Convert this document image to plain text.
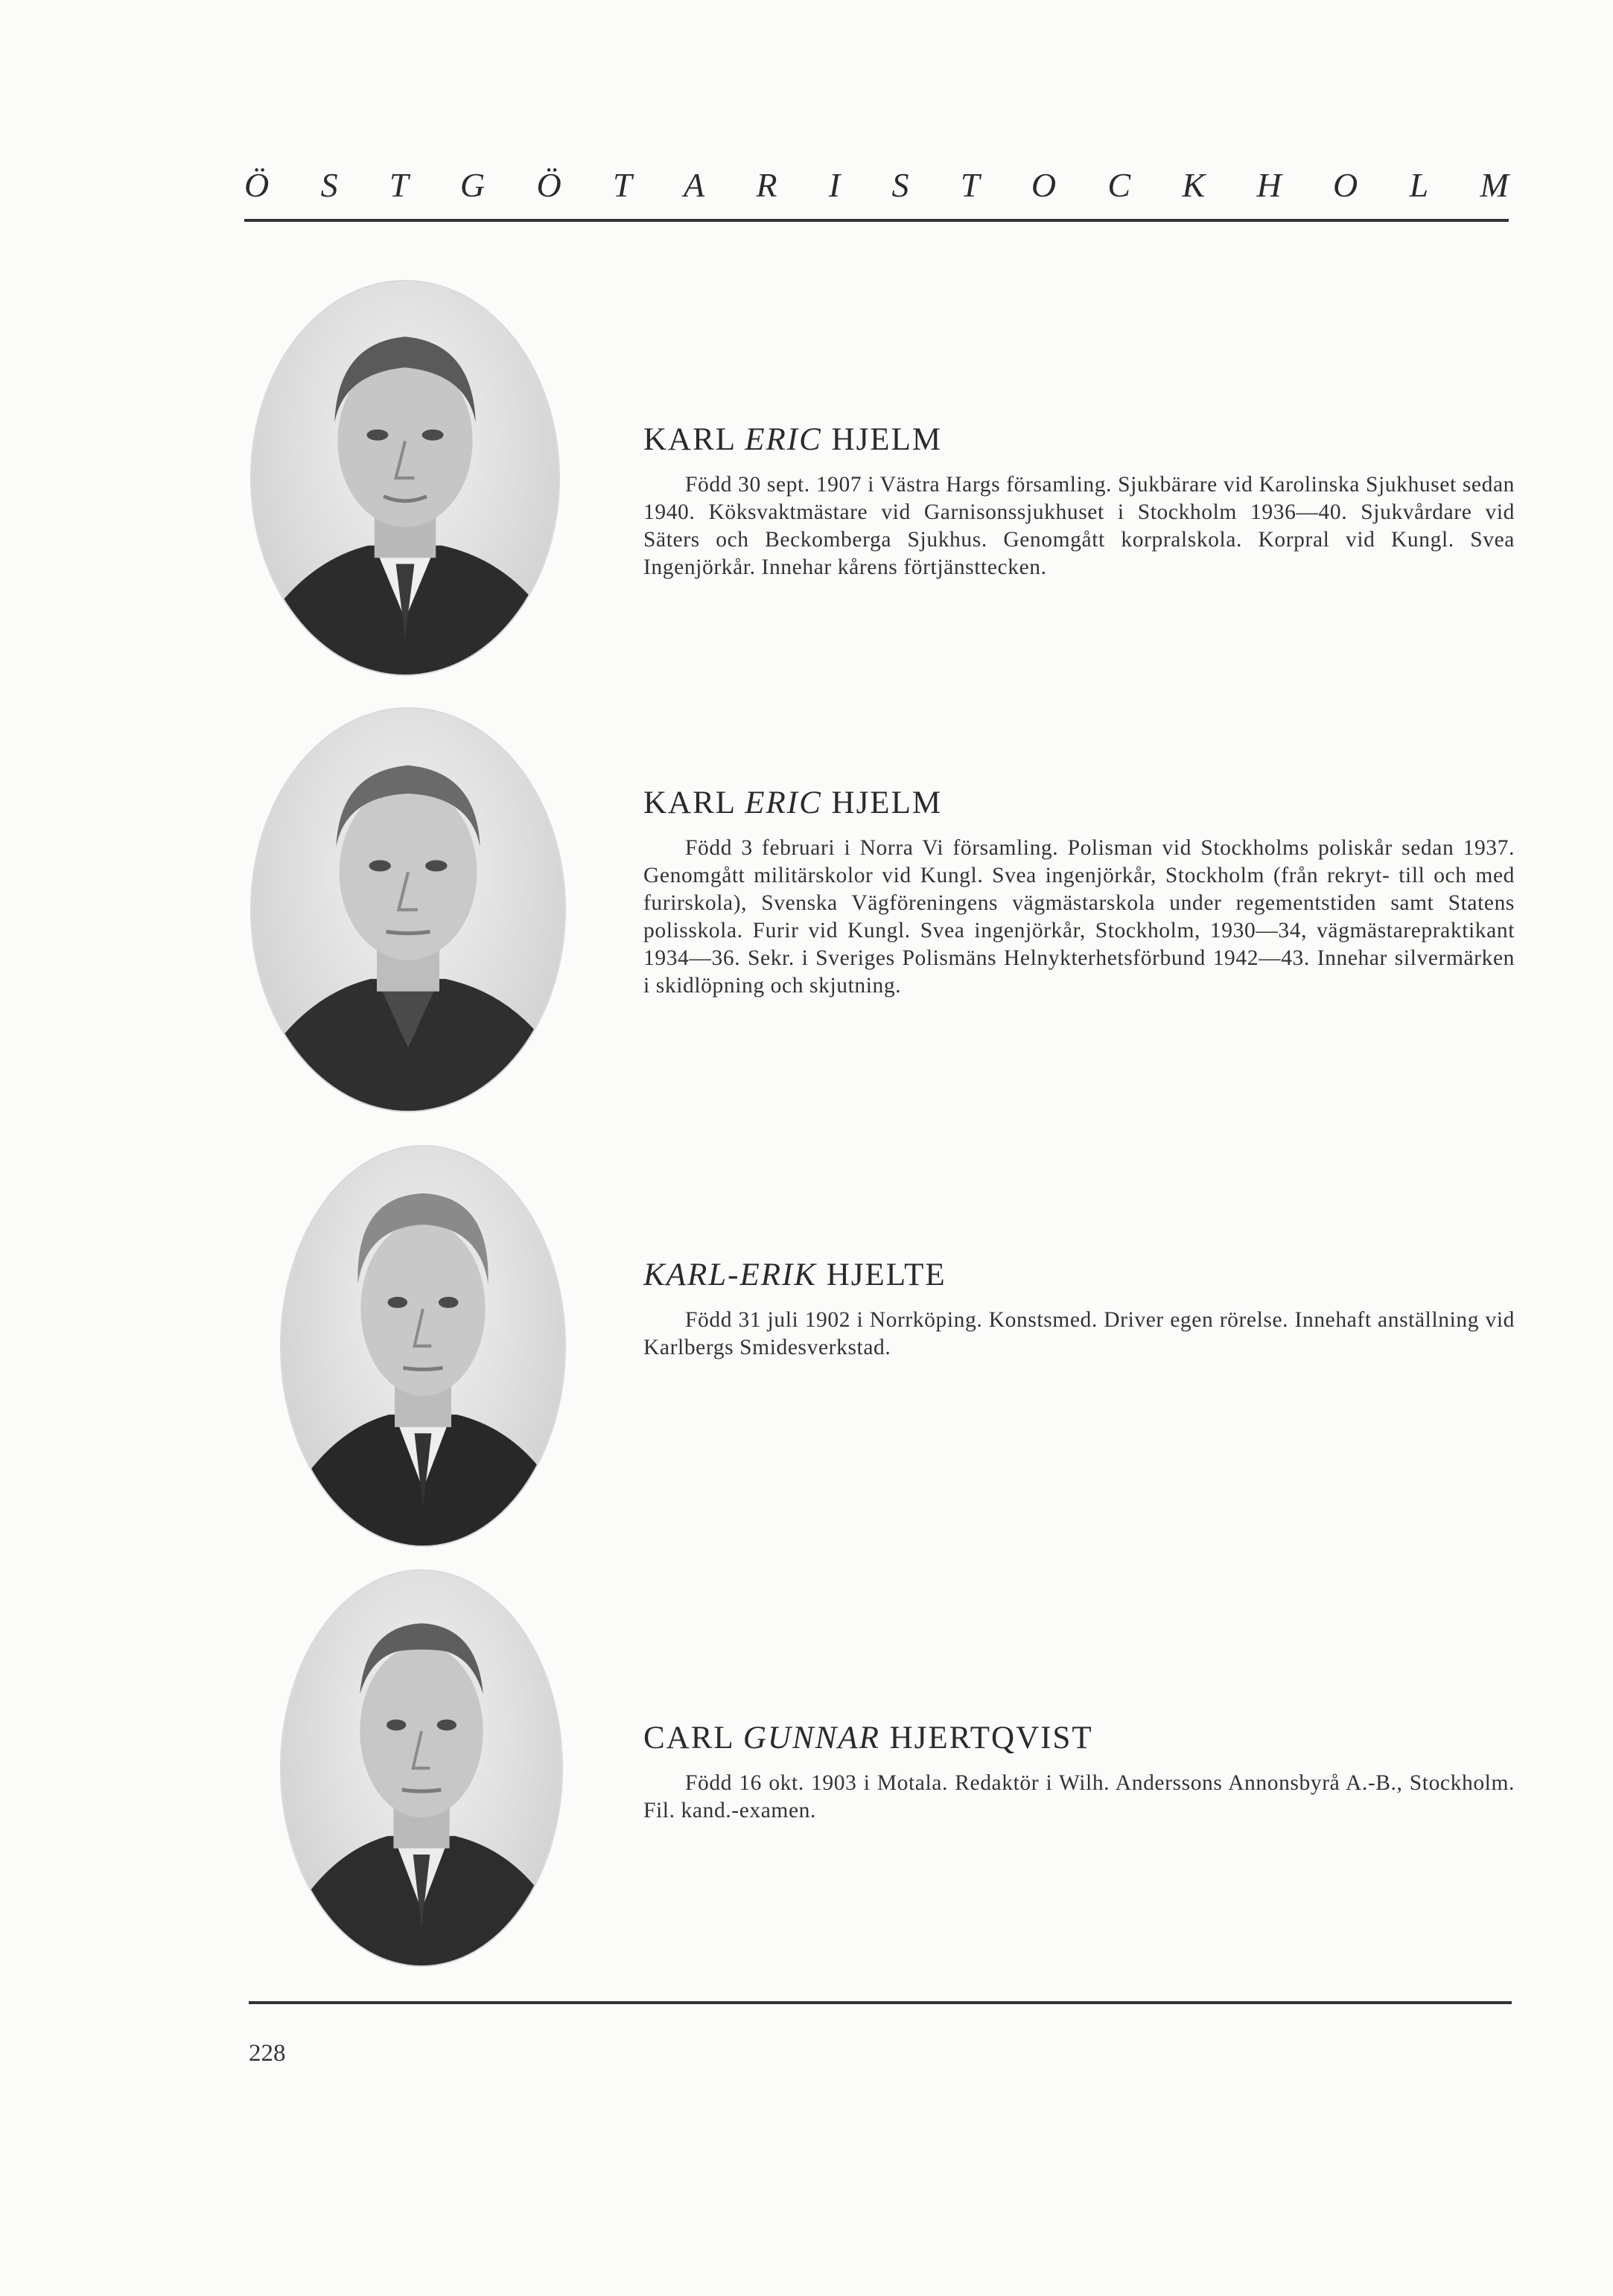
Ö S T G Ö T A R I S T O C K H O L M
KARL ERIC HJELM

Född 30 sept. 1907 i Västra Hargs församling. Sjukbärare vid Karolinska Sjukhuset sedan 1940. Köksvaktmästare vid Garnisonssjukhuset i Stockholm 1936—40. Sjukvårdare vid Säters och Beckomberga Sjukhus. Genomgått korpralskola. Korpral vid Kungl. Svea Ingenjörkår. Innehar kårens förtjänsttecken.

KARL ERIC HJELM

Född 3 februari i Norra Vi församling. Polisman vid Stockholms poliskår sedan 1937. Genomgått militärskolor vid Kungl. Svea ingenjörkår, Stockholm (från rekryt- till och med furirskola), Svenska Vägföreningens vägmästarskola under regementstiden samt Statens polisskola. Furir vid Kungl. Svea ingenjörkår, Stockholm, 1930—34, vägmästarepraktikant 1934—36. Sekr. i Sveriges Polismäns Helnykterhetsförbund 1942—43. Innehar silvermärken i skidlöpning och skjutning.

KARL-ERIK HJELTE

Född 31 juli 1902 i Norrköping. Konstsmed. Driver egen rörelse. Innehaft anställning vid Karlbergs Smidesverkstad.

CARL GUNNAR HJERTQVIST

Född 16 okt. 1903 i Motala. Redaktör i Wilh. Anderssons Annonsbyrå A.-B., Stockholm. Fil. kand.-examen.

228
